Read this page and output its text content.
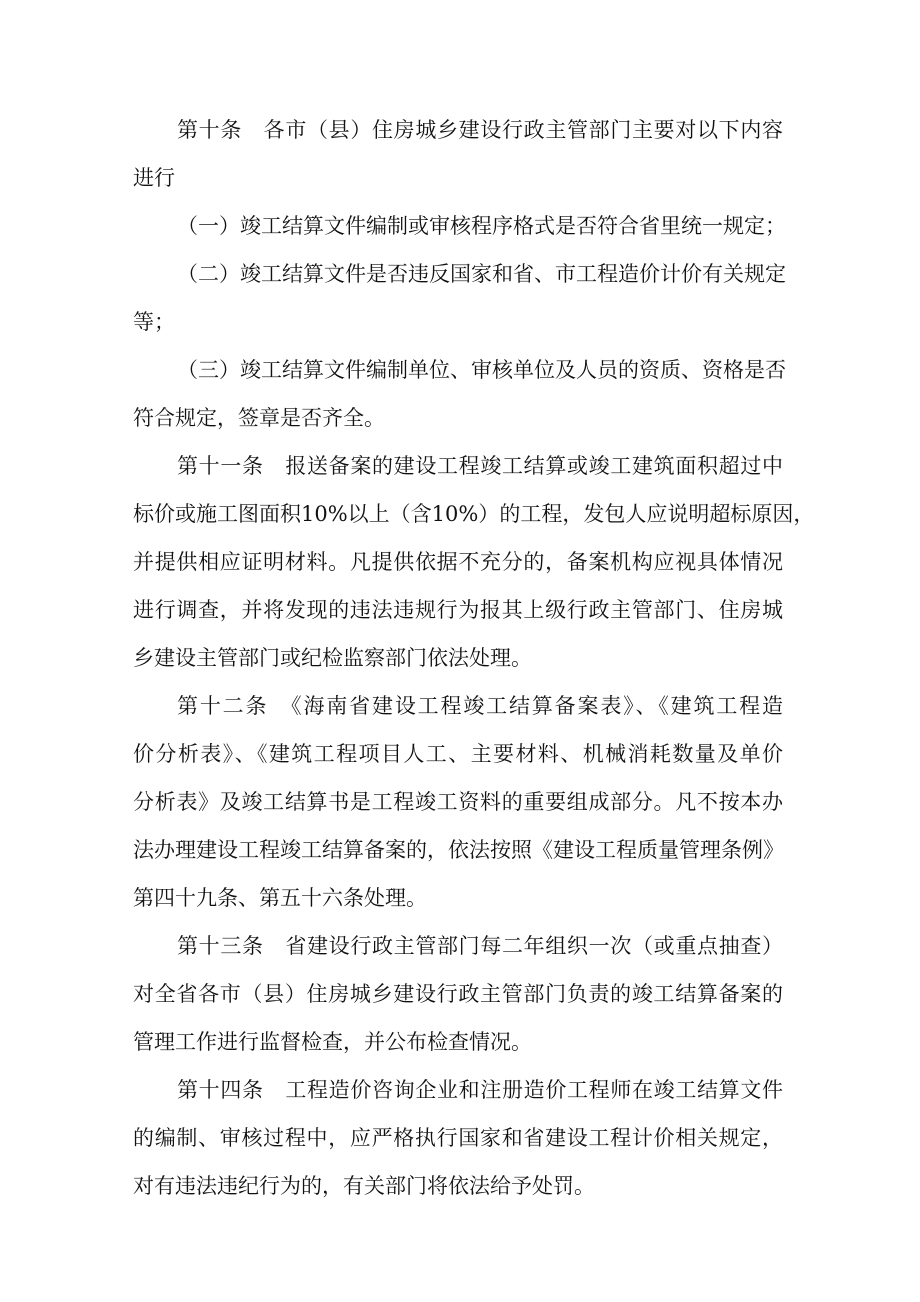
第十条　各市（县）住房城乡建设行政主管部门主要对以下内容
进行
（一）竣工结算文件编制或审核程序格式是否符合省里统一规定；
（二）竣工结算文件是否违反国家和省、市工程造价计价有关规定
等；
（三）竣工结算文件编制单位、审核单位及人员的资质、资格是否
符合规定，签章是否齐全。
第十一条　报送备案的建设工程竣工结算或竣工建筑面积超过中
标价或施工图面积10%以上（含10%）的工程，发包人应说明超标原因，
并提供相应证明材料。凡提供依据不充分的，备案机构应视具体情况
进行调查，并将发现的违法违规行为报其上级行政主管部门、住房城
乡建设主管部门或纪检监察部门依法处理。
第十二条　《海南省建设工程竣工结算备案表》、《建筑工程造
价分析表》、《建筑工程项目人工、主要材料、机械消耗数量及单价
分析表》及竣工结算书是工程竣工资料的重要组成部分。凡不按本办
法办理建设工程竣工结算备案的，依法按照《建设工程质量管理条例》
第四十九条、第五十六条处理。
第十三条　省建设行政主管部门每二年组织一次（或重点抽查）
对全省各市（县）住房城乡建设行政主管部门负责的竣工结算备案的
管理工作进行监督检查，并公布检查情况。
第十四条　工程造价咨询企业和注册造价工程师在竣工结算文件
的编制、审核过程中，应严格执行国家和省建设工程计价相关规定，
对有违法违纪行为的，有关部门将依法给予处罚。
